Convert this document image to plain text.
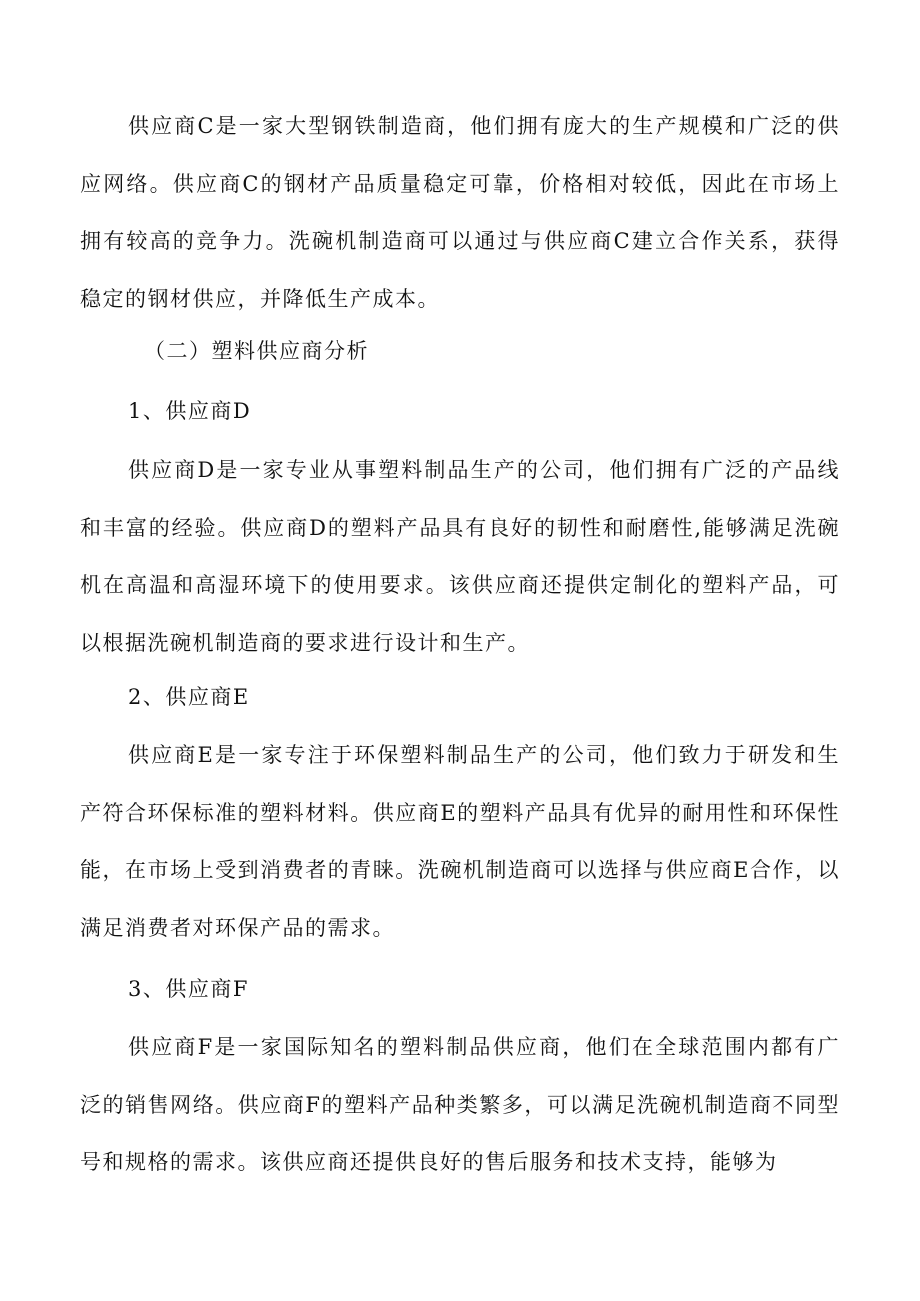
供应商C是一家大型钢铁制造商，他们拥有庞大的生产规模和广泛的供应网络。供应商C的钢材产品质量稳定可靠，价格相对较低，因此在市场上拥有较高的竞争力。洗碗机制造商可以通过与供应商C建立合作关系，获得稳定的钢材供应，并降低生产成本。

（二）塑料供应商分析
1、供应商D

供应商D是一家专业从事塑料制品生产的公司，他们拥有广泛的产品线和丰富的经验。供应商D的塑料产品具有良好的韧性和耐磨性,能够满足洗碗机在高温和高湿环境下的使用要求。该供应商还提供定制化的塑料产品，可以根据洗碗机制造商的要求进行设计和生产。

2、供应商E

供应商E是一家专注于环保塑料制品生产的公司，他们致力于研发和生产符合环保标准的塑料材料。供应商E的塑料产品具有优异的耐用性和环保性能，在市场上受到消费者的青睐。洗碗机制造商可以选择与供应商E合作，以满足消费者对环保产品的需求。

3、供应商F

供应商F是一家国际知名的塑料制品供应商，他们在全球范围内都有广泛的销售网络。供应商F的塑料产品种类繁多，可以满足洗碗机制造商不同型号和规格的需求。该供应商还提供良好的售后服务和技术支持，能够为
